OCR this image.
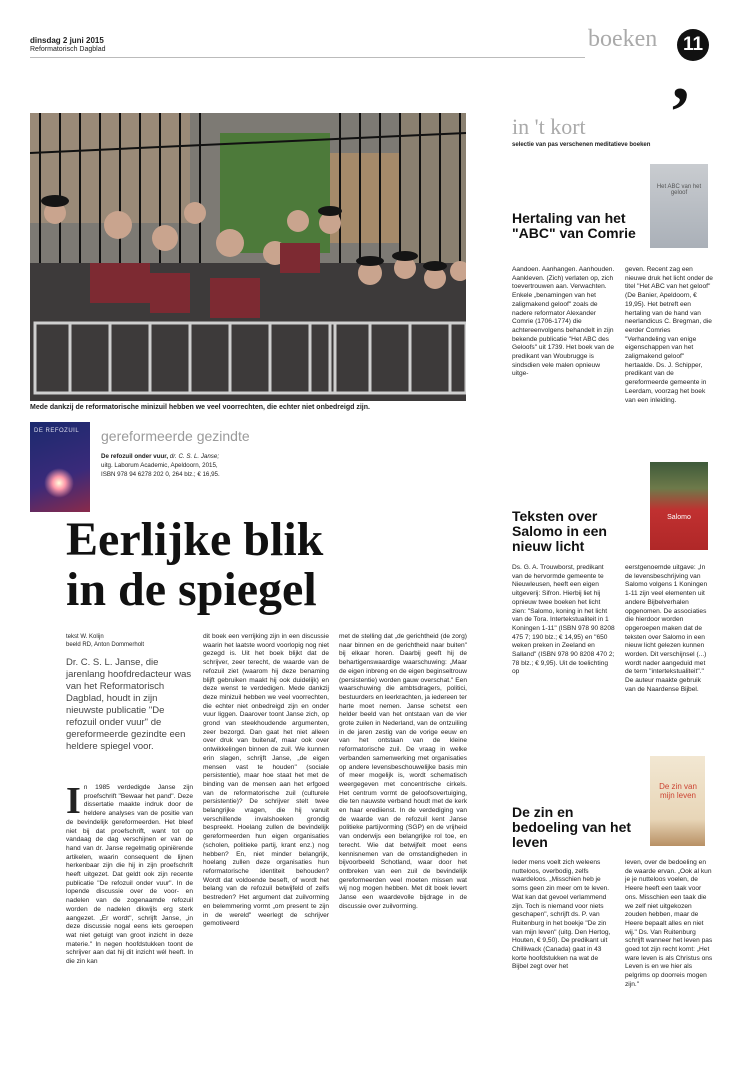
dinsdag 2 juni 2015
Reformatorisch Dagblad	boeken	11
,
Mede dankzij de reformatorische minizuil hebben we veel voorrechten, die echter niet onbedreigd zijn.
DE REFOZUIL gereformeerde gezindte
De refozuil onder vuur, dr. C. S. L. Janse;
uitg. Laborum Academic, Apeldoorn, 2015,
ISBN 978 94 6278 202 0, 264 blz.; € 16,95.
Eerlijke blik
in de spiegel
tekst W. Kolijn
beeld RD, Anton Dommerholt
Dr. C. S. L. Janse, die jarenlang hoofdredacteur was van het Reformatorisch Dagblad, houdt in zijn nieuwste publicatie "De refozuil onder vuur" de gereformeerde gezindte een heldere spiegel voor.
In 1985 verdedigde Janse zijn proefschrift "Bewaar het pand". Deze dissertatie maakte indruk door de heldere analyses van de positie van de bevindelijk gereformeerden. Het bleef niet bij dat proefschrift, want tot op vandaag de dag verschijnen er van de hand van dr. Janse regelmatig opiniërende artikelen, waarin consequent de lijnen herkenbaar zijn die hij in zijn proefschrift heeft uitgezet. Dat geldt ook zijn recente publicatie "De refozuil onder vuur". In de lopende discussie over de voor- en nadelen van de zogenaamde refozuil worden de nadelen dikwijls erg sterk aangezet. „Er wordt", schrijft Janse, „in deze discussie nogal eens iets geroepen wat niet getuigt van groot inzicht in deze materie." In negen hoofdstukken toont de schrijver aan dat hij dit inzicht wél heeft. In die zin kan
dit boek een verrijking zijn in een discussie waarin het laatste woord voorlopig nog niet gezegd is. Uit het boek blijkt dat de schrijver, zeer terecht, de waarde van de refozuil ziet (waarom hij deze benaming blijft gebruiken maakt hij ook duidelijk) en deze wenst te verdedigen. Mede dankzij deze minizuil hebben we veel voorrechten, die echter niet onbedreigd zijn en onder vuur liggen. Daarover toont Janse zich, op grond van steekhoudende argumenten, zeer bezorgd. Dan gaat het niet alleen over druk van buitenaf, maar ook over ontwikkelingen binnen de zuil. We kunnen erin slagen, schrijft Janse, „de eigen mensen vast te houden" (sociale persistentie), maar hoe staat het met de binding van de mensen aan het erfgoed van de reformatorische zuil (culturele persistentie)? De schrijver stelt twee belangrijke vragen, die hij vanuit verschillende invalshoeken grondig bespreekt. Hoelang zullen de bevindelijk gereformeerden hun eigen organisaties (scholen, politieke partij, krant enz.) nog hebben? En, niet minder belangrijk, hoelang zullen deze organisaties hun reformatorische identiteit behouden? Wordt dat voldoende beseft, of wordt het belang van de refozuil betwijfeld of zelfs bestreden? Het argument dat zuilvorming en belemmering vormt „om present te zijn in de wereld" weerlegt de schrijver gemotiveerd
met de stelling dat „de gerichtheid (de zorg) naar binnen en de gerichtheid naar buiten" bij elkaar horen. Daarbij geeft hij de behartigenswaardige waarschuwing: „Maar de eigen inbreng en de eigen beginseltrouw (persistentie) worden gauw overschat." Een waarschuwing die ambtsdragers, politici, bestuurders en leerkrachten, ja iedereen ter harte moet nemen. Janse schetst een helder beeld van het ontstaan van de vier grote zuilen in Nederland, van de ontzuiling in de jaren zestig van de vorige eeuw en van het ontstaan van de kleine reformatorische zuil. De vraag in welke verbanden samenwerking met organisaties op andere levensbeschouwelijke basis min of meer mogelijk is, wordt schematisch weergegeven met concentrische cirkels. Het centrum vormt de geloofsovertuiging, die ten nauwste verband houdt met de kerk en haar erediienst. In de verdediging van de waarde van de refozuil kent Janse politieke partijvorming (SGP) en de vrijheid van onderwijs een belangrijke rol toe, en terecht. Wie dat betwijfelt moet eens kennisnemen van de omstandigheden in bijvoorbeeld Schotland, waar door het ontbreken van een zuil de bevindelijk gereformeerden veel moeten missen wat wij nog mogen hebben. Met dit boek levert Janse een waardevolle bijdrage in de discussie over zuilvorming.
in 't kort
selectie van pas verschenen meditatieve boeken
Het ABC van het geloof
Hertaling van het "ABC" van Comrie
Aandoen. Aanhangen. Aanhouden. Aankleven. (Zich) verlaten op, zich toevertrouwen aan. Verwachten. Enkele „benamingen van het zaligmakend geloof" zoals de nadere reformator Alexander Comrie (1706-1774) die achtereenvolgens behandelt in zijn bekende publicatie "Het ABC des Geloofs" uit 1739. Het boek van de predikant van Woubrugge is sindsdien vele malen opnieuw uitge-
geven. Recent zag een nieuwe druk het licht onder de titel "Het ABC van het geloof" (De Banier, Apeldoorn, € 19,95). Het betreft een hertaling van de hand van neerlandicus C. Bregman, die eerder Comries "Verhandeling van enige eigenschappen van het zaligmakend geloof" hertaalde. Ds. J. Schipper, predikant van de gereformeerde gemeente in Leerdam, voorzag het boek van een inleiding.
Salomo
Teksten over Salomo in een nieuw licht
Ds. G. A. Trouwborst, predikant van de hervormde gemeente te Nieuwleusen, heeft een eigen uitgeverij: Sifron. Hierbij liet hij opnieuw twee boeken het licht zien: "Salomo, koning in het licht van de Tora. Intertekstualiteit in 1 Koningen 1-11" (ISBN 978 90 8208 475 7; 190 blz.; € 14,95) en "650 weken preken in Zeeland en Salland" (ISBN 978 90 8208 470 2; 78 blz.; € 9,95). Uit de toelichting op
eerstgenoemde uitgave: „In de levensbeschrijving van Salomo volgens 1 Koningen 1-11 zijn veel elementen uit andere Bijbelverhalen opgenomen. De associaties die hierdoor worden opgeroepen maken dat de teksten over Salomo in een nieuw licht gelezen kunnen worden. Dit verschijnsel (...) wordt nader aangeduid met de term "intertekstualiteit"." De auteur maakte gebruik van de Naardense Bijbel.
De zin van mijn leven
De zin en bedoeling van het leven
Ieder mens voelt zich weleens nutteloos, overbodig, zelfs waardeloos. „Misschien heb je soms geen zin meer om te leven. Wat kan dat gevoel verlammend zijn. Toch is niemand voor niets geschapen", schrijft ds. P. van Ruitenburg in het boekje "De zin van mijn leven" (uitg. Den Hertog, Houten, € 9,50). De predikant uit Chilliwack (Canada) gaat in 43 korte hoofdstukken na wat de Bijbel zegt over het
leven, over de bedoeling en de waarde ervan. „Ook al kun je je nutteloos voelen, de Heere heeft een taak voor ons. Misschien een taak die we zelf niet uitgekozen zouden hebben, maar de Heere bepaalt alles en niet wij." Ds. Van Ruitenburg schrijft wanneer het leven pas goed tot zijn recht komt: „Het ware leven is als Christus ons Leven is en we hier als pelgrims op doorreis mogen zijn."
